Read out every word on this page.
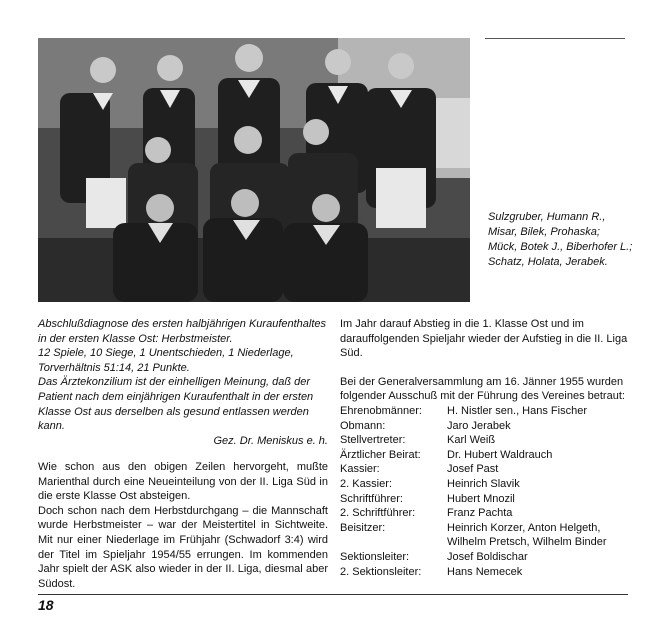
Sulzgruber, Humann R.,
Misar, Bilek, Prohaska;
Mück, Botek J., Biberhofer L.;
Schatz, Holata, Jerabek.

Abschlußdiagnose des ersten halbjährigen Kuraufenthaltes in der ersten Klasse Ost: Herbstmeister.

12 Spiele, 10 Siege, 1 Unentschieden, 1 Niederlage, Torverhältnis 51:14, 21 Punkte.

Das Ärztekonzilium ist der einhelligen Meinung, daß der Patient nach dem einjährigen Kuraufenthalt in der ersten Klasse Ost aus derselben als gesund entlassen werden kann.

Gez. Dr. Meniskus e. h.

Wie schon aus den obigen Zeilen hervorgeht, mußte Marienthal durch eine Neueinteilung von der II. Liga Süd in die erste Klasse Ost absteigen.

Doch schon nach dem Herbstdurchgang – die Mannschaft wurde Herbstmeister – war der Meistertitel in Sichtweite. Mit nur einer Niederlage im Frühjahr (Schwadorf 3:4) wird der Titel im Spieljahr 1954/55 errungen. Im kommenden Jahr spielt der ASK also wieder in der II. Liga, diesmal aber Südost.

Im Jahr darauf Abstieg in die 1. Klasse Ost und im darauffolgenden Spieljahr wieder der Aufstieg in die II. Liga Süd.

Bei der Generalversammlung am 16. Jänner 1955 wurden folgender Ausschuß mit der Führung des Vereines betraut:

Ehrenobmänner:	H. Nistler sen., Hans Fischer
Obmann:	Jaro Jerabek
Stellvertreter:	Karl Weiß
Ärztlicher Beirat:	Dr. Hubert Waldrauch
Kassier:	Josef Past
2. Kassier:	Heinrich Slavik
Schriftführer:	Hubert Mnozil
2. Schriftführer:	Franz Pachta
Beisitzer:	Heinrich Korzer, Anton Helgeth,
Wilhelm Pretsch, Wilhelm Binder
Sektionsleiter:	Josef Boldischar
2. Sektionsleiter:	Hans Nemecek
18
